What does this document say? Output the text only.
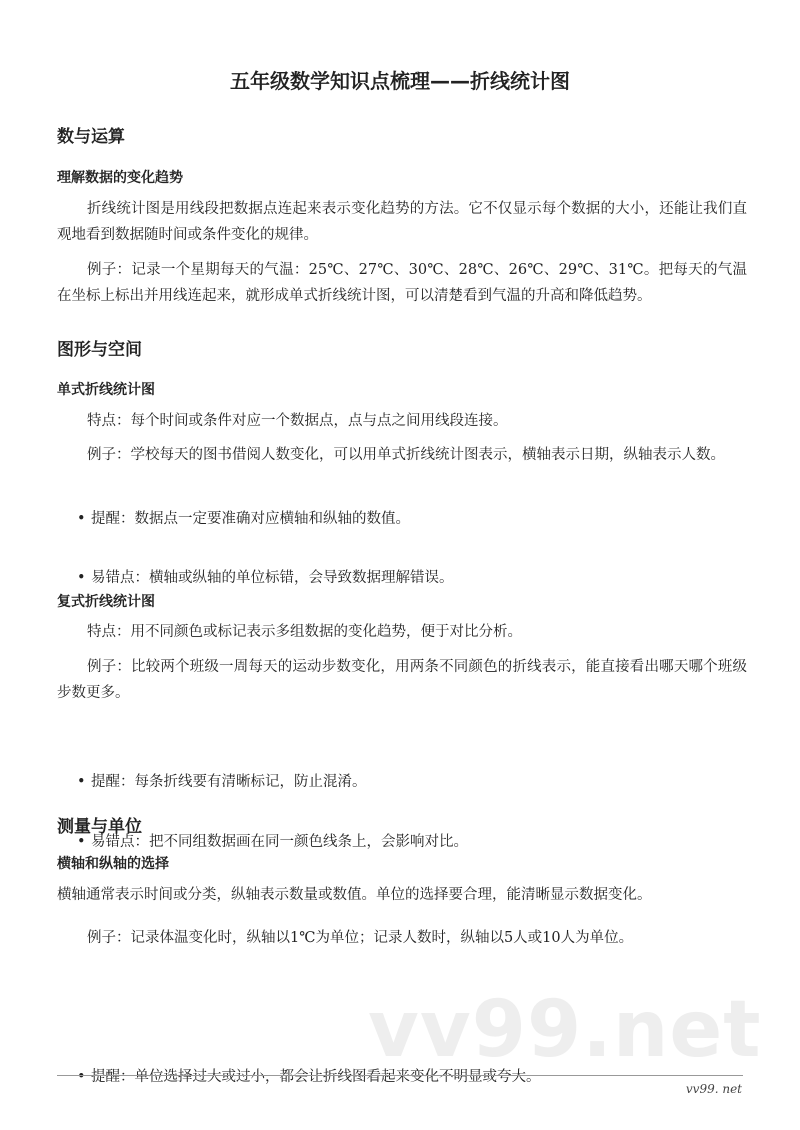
五年级数学知识点梳理——折线统计图
数与运算
理解数据的变化趋势
折线统计图是用线段把数据点连起来表示变化趋势的方法。它不仅显示每个数据的大小，还能让我们直观地看到数据随时间或条件变化的规律。
例子：记录一个星期每天的气温：25℃、27℃、30℃、28℃、26℃、29℃、31℃。把每天的气温在坐标上标出并用线连起来，就形成单式折线统计图，可以清楚看到气温的升高和降低趋势。
图形与空间
单式折线统计图
特点：每个时间或条件对应一个数据点，点与点之间用线段连接。
例子：学校每天的图书借阅人数变化，可以用单式折线统计图表示，横轴表示日期，纵轴表示人数。
• 提醒：数据点一定要准确对应横轴和纵轴的数值。
• 易错点：横轴或纵轴的单位标错，会导致数据理解错误。
复式折线统计图
特点：用不同颜色或标记表示多组数据的变化趋势，便于对比分析。
例子：比较两个班级一周每天的运动步数变化，用两条不同颜色的折线表示，能直接看出哪天哪个班级步数更多。
• 提醒：每条折线要有清晰标记，防止混淆。
• 易错点：把不同组数据画在同一颜色线条上，会影响对比。
测量与单位
横轴和纵轴的选择
横轴通常表示时间或分类，纵轴表示数量或数值。单位的选择要合理，能清晰显示数据变化。
例子：记录体温变化时，纵轴以1℃为单位；记录人数时，纵轴以5人或10人为单位。
• 提醒：单位选择过大或过小，都会让折线图看起来变化不明显或夸大。
vv99.net
vv99. net
